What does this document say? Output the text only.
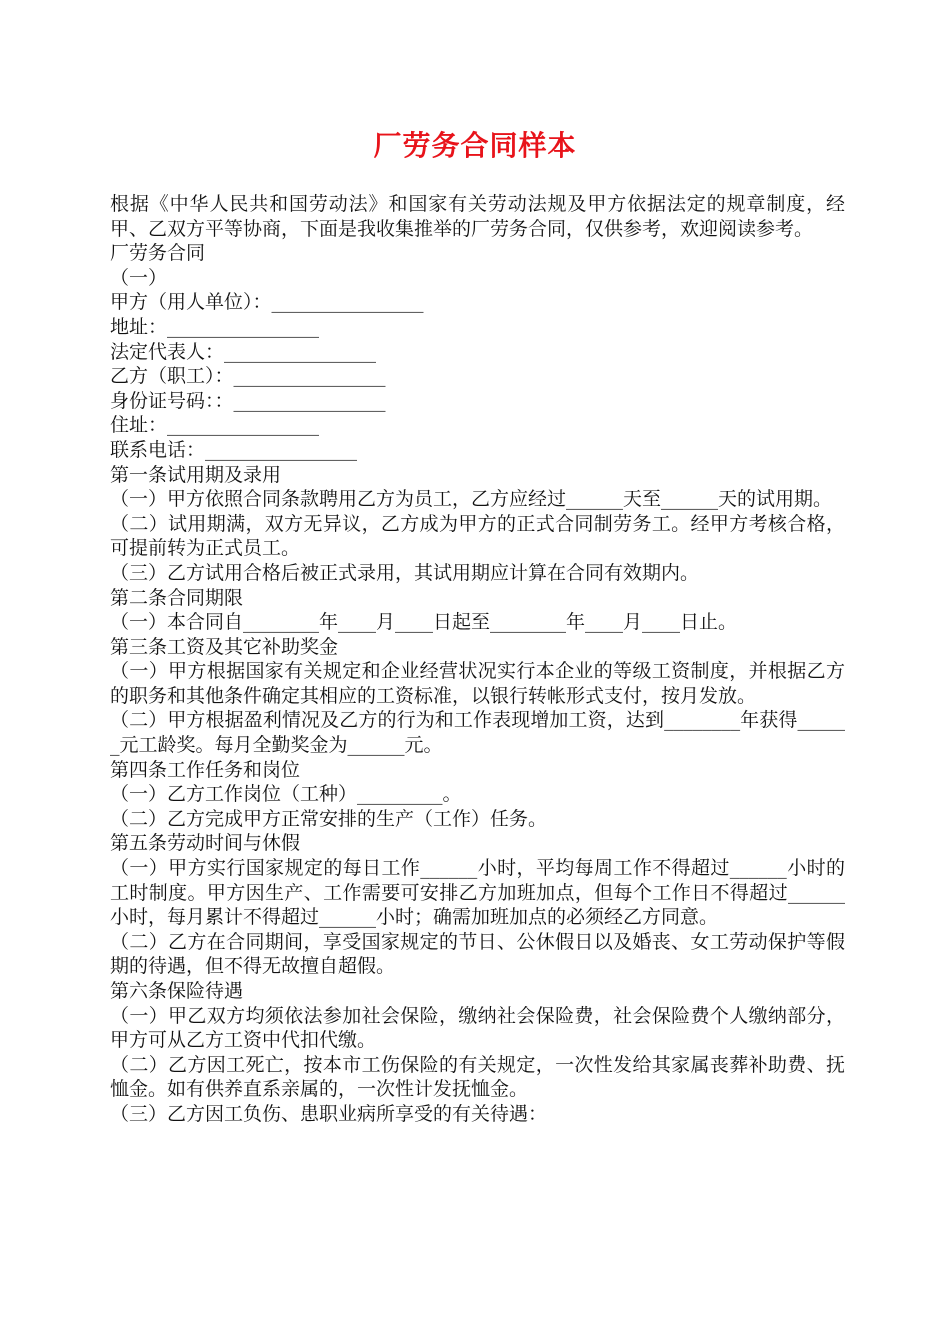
厂劳务合同样本

根据《中华人民共和国劳动法》和国家有关劳动法规及甲方依据法定的规章制度，经甲、乙双方平等协商，下面是我收集推举的厂劳务合同，仅供参考，欢迎阅读参考。

厂劳务合同

（一）

甲方（用人单位）：________________

地址：________________

法定代表人：________________

乙方（职工）：________________

身份证号码：：________________

住址：________________

联系电话：________________

第一条试用期及录用

（一）甲方依照合同条款聘用乙方为员工，乙方应经过______天至______天的试用期。

（二）试用期满，双方无异议，乙方成为甲方的正式合同制劳务工。经甲方考核合格，可提前转为正式员工。

（三）乙方试用合格后被正式录用，其试用期应计算在合同有效期内。

第二条合同期限

（一）本合同自________年____月____日起至________年____月____日止。

第三条工资及其它补助奖金

（一）甲方根据国家有关规定和企业经营状况实行本企业的等级工资制度，并根据乙方的职务和其他条件确定其相应的工资标准，以银行转帐形式支付，按月发放。

（二）甲方根据盈利情况及乙方的行为和工作表现增加工资，达到________年获得______元工龄奖。每月全勤奖金为______元。

第四条工作任务和岗位

（一）乙方工作岗位（工种）_________。

（二）乙方完成甲方正常安排的生产（工作）任务。

第五条劳动时间与休假

（一）甲方实行国家规定的每日工作______小时，平均每周工作不得超过______小时的工时制度。甲方因生产、工作需要可安排乙方加班加点，但每个工作日不得超过______小时，每月累计不得超过______小时；确需加班加点的必须经乙方同意。

（二）乙方在合同期间，享受国家规定的节日、公休假日以及婚丧、女工劳动保护等假期的待遇，但不得无故擅自超假。

第六条保险待遇

（一）甲乙双方均须依法参加社会保险，缴纳社会保险费，社会保险费个人缴纳部分，甲方可从乙方工资中代扣代缴。

（二）乙方因工死亡，按本市工伤保险的有关规定，一次性发给其家属丧葬补助费、抚恤金。如有供养直系亲属的，一次性计发抚恤金。

（三）乙方因工负伤、患职业病所享受的有关待遇：
